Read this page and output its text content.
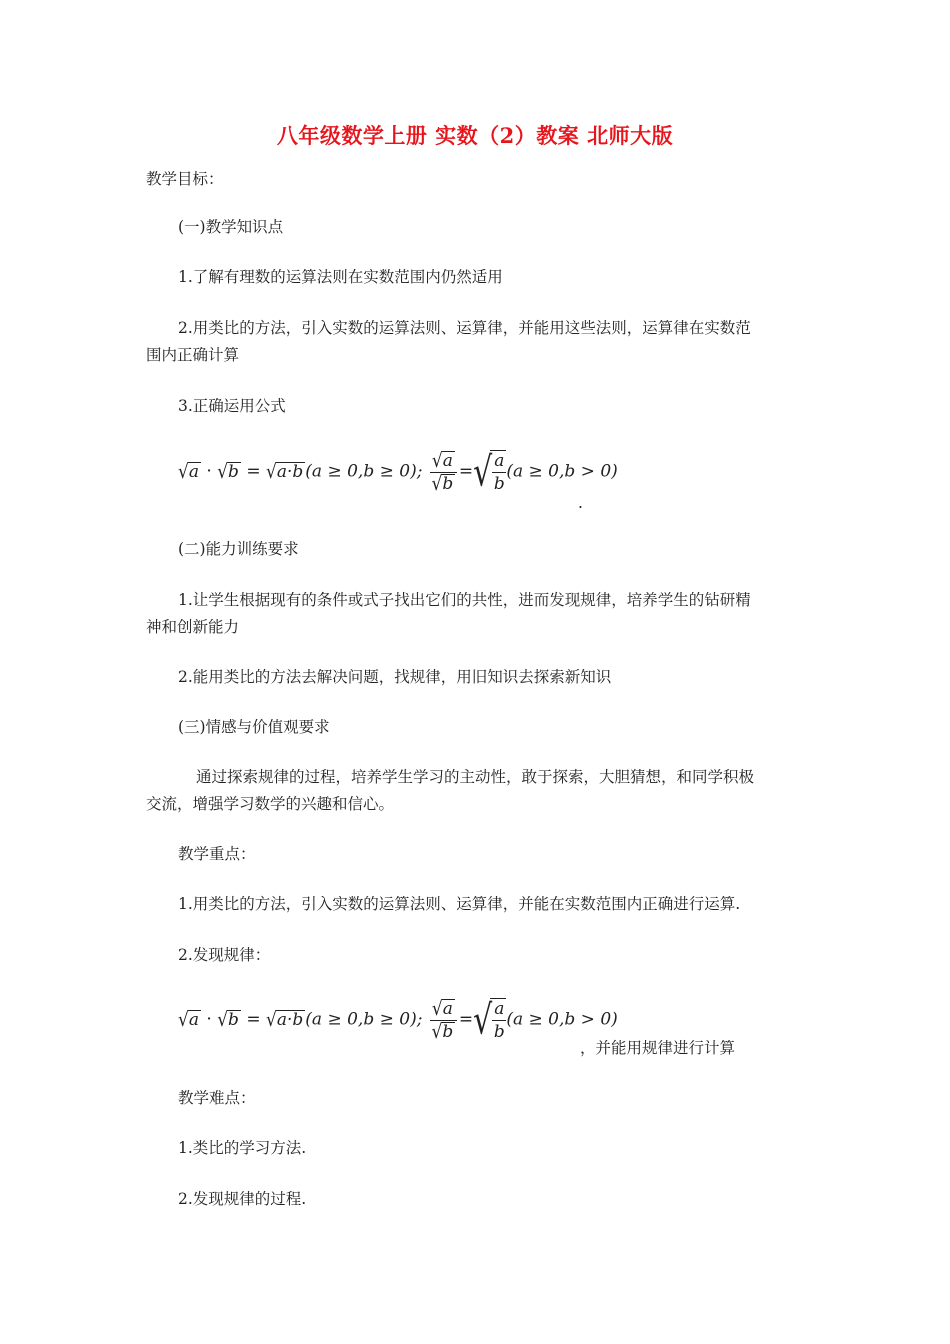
八年级数学上册 实数（2）教案 北师大版
教学目标：
(一)教学知识点
1.了解有理数的运算法则在实数范围内仍然适用
2.用类比的方法，引入实数的运算法则、运算律，并能用这些法则，运算律在实数范
围内正确计算
3.正确运用公式
√a · √b = √a·b (a ≥ 0,b ≥ 0); $\frac{√a}{√b}$ =√ $\frac{a}{b} (a \ge 0,b > 0)$
.
(二)能力训练要求
1.让学生根据现有的条件或式子找出它们的共性，进而发现规律，培养学生的钻研精
神和创新能力
2.能用类比的方法去解决问题，找规律，用旧知识去探索新知识
(三)情感与价值观要求
通过探索规律的过程，培养学生学习的主动性，敢于探索，大胆猜想，和同学积极
交流，增强学习数学的兴趣和信心。
教学重点：
1.用类比的方法，引入实数的运算法则、运算律，并能在实数范围内正确进行运算.
2.发现规律：
√a · √b = √a·b (a ≥ 0,b ≥ 0); $\frac{√a}{√b}$ =√ $\frac{a}{b} (a \ge 0,b > 0)$
，并能用规律进行计算
教学难点：
1.类比的学习方法.
2.发现规律的过程.
